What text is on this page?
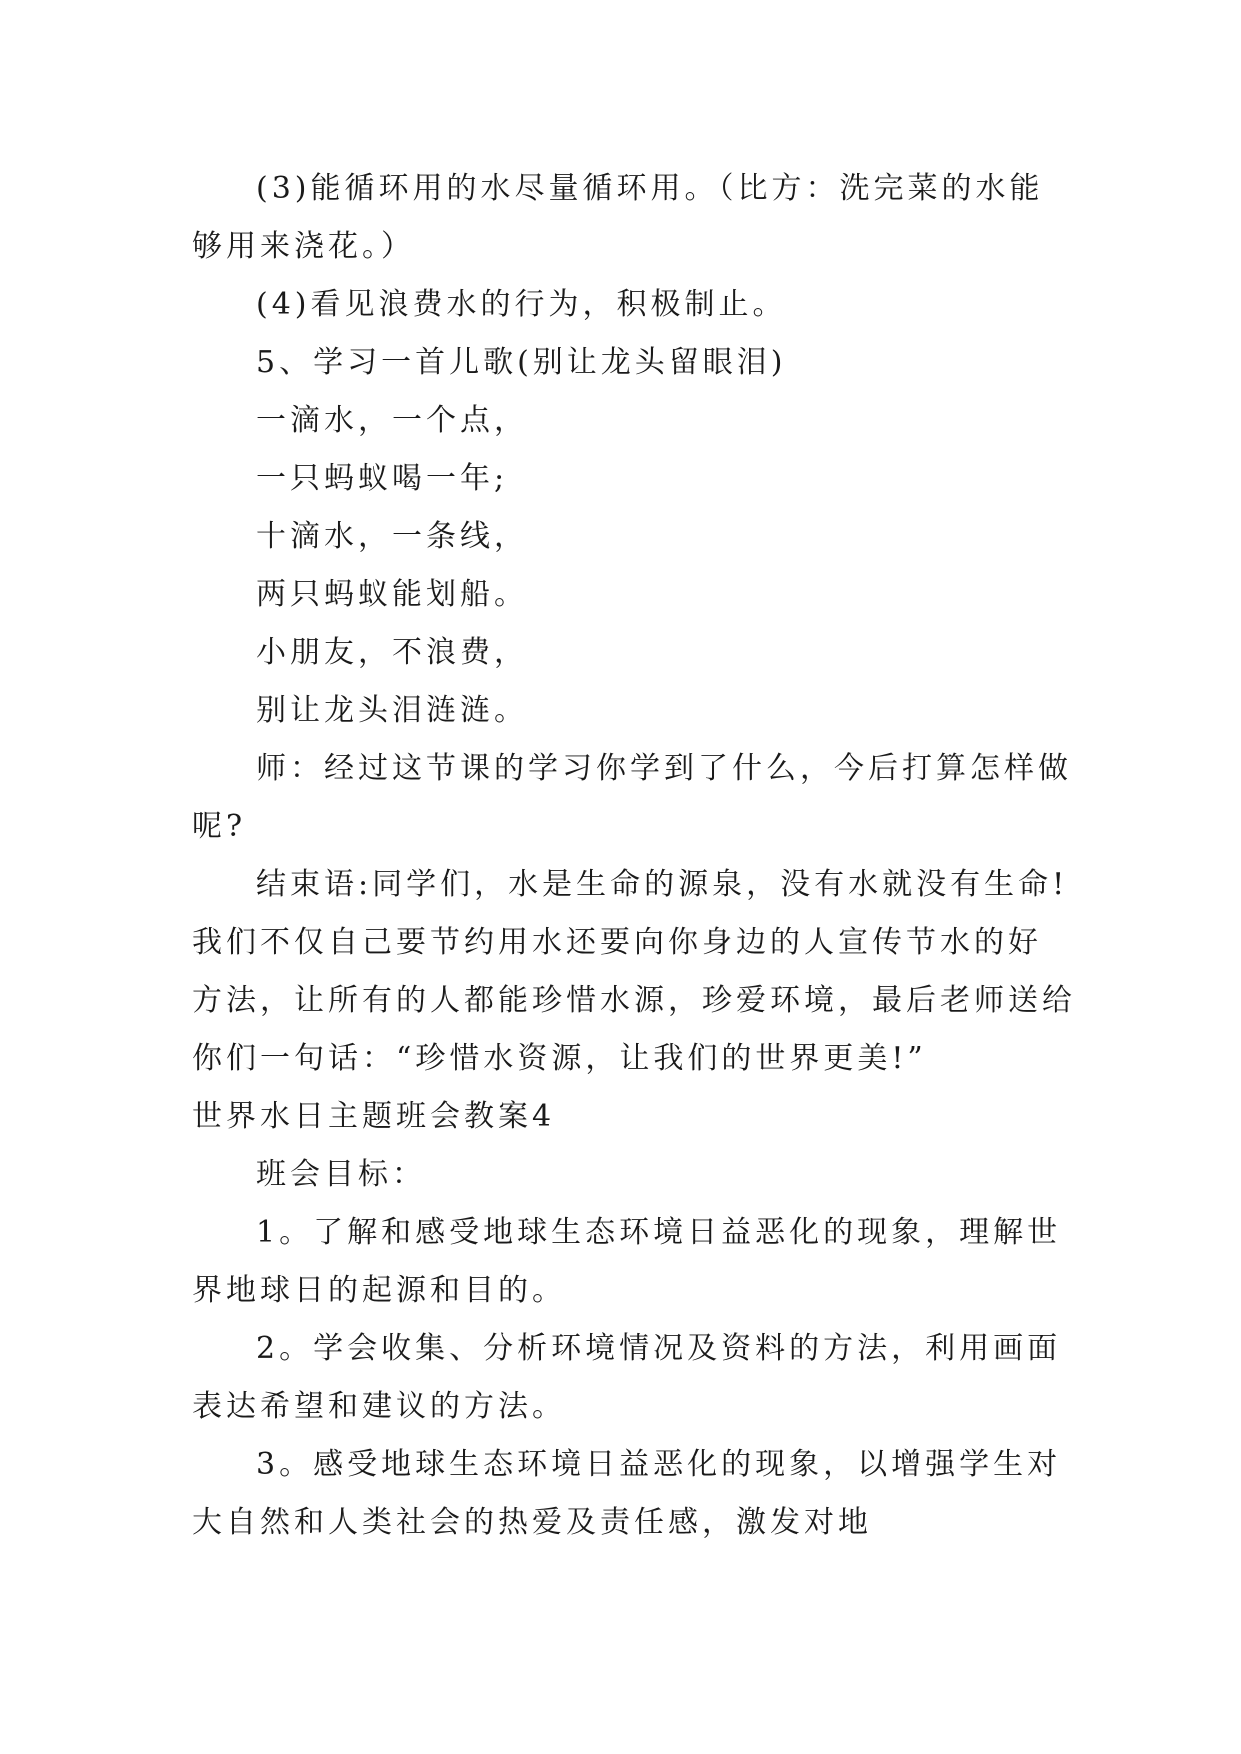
(3)能循环用的水尽量循环用。（比方：洗完菜的水能

够用来浇花。）

(4)看见浪费水的行为，积极制止。

5、学习一首儿歌(别让龙头留眼泪)

一滴水，一个点，

一只蚂蚁喝一年;

十滴水，一条线，

两只蚂蚁能划船。

小朋友，不浪费，

别让龙头泪涟涟。

师：经过这节课的学习你学到了什么，今后打算怎样做

呢?

结束语:同学们，水是生命的源泉，没有水就没有生命!

我们不仅自己要节约用水还要向你身边的人宣传节水的好

方法，让所有的人都能珍惜水源，珍爱环境，最后老师送给

你们一句话：“珍惜水资源，让我们的世界更美!”

世界水日主题班会教案4

班会目标：

1。了解和感受地球生态环境日益恶化的现象，理解世

界地球日的起源和目的。

2。学会收集、分析环境情况及资料的方法，利用画面

表达希望和建议的方法。

3。感受地球生态环境日益恶化的现象，以增强学生对

大自然和人类社会的热爱及责任感，激发对地
